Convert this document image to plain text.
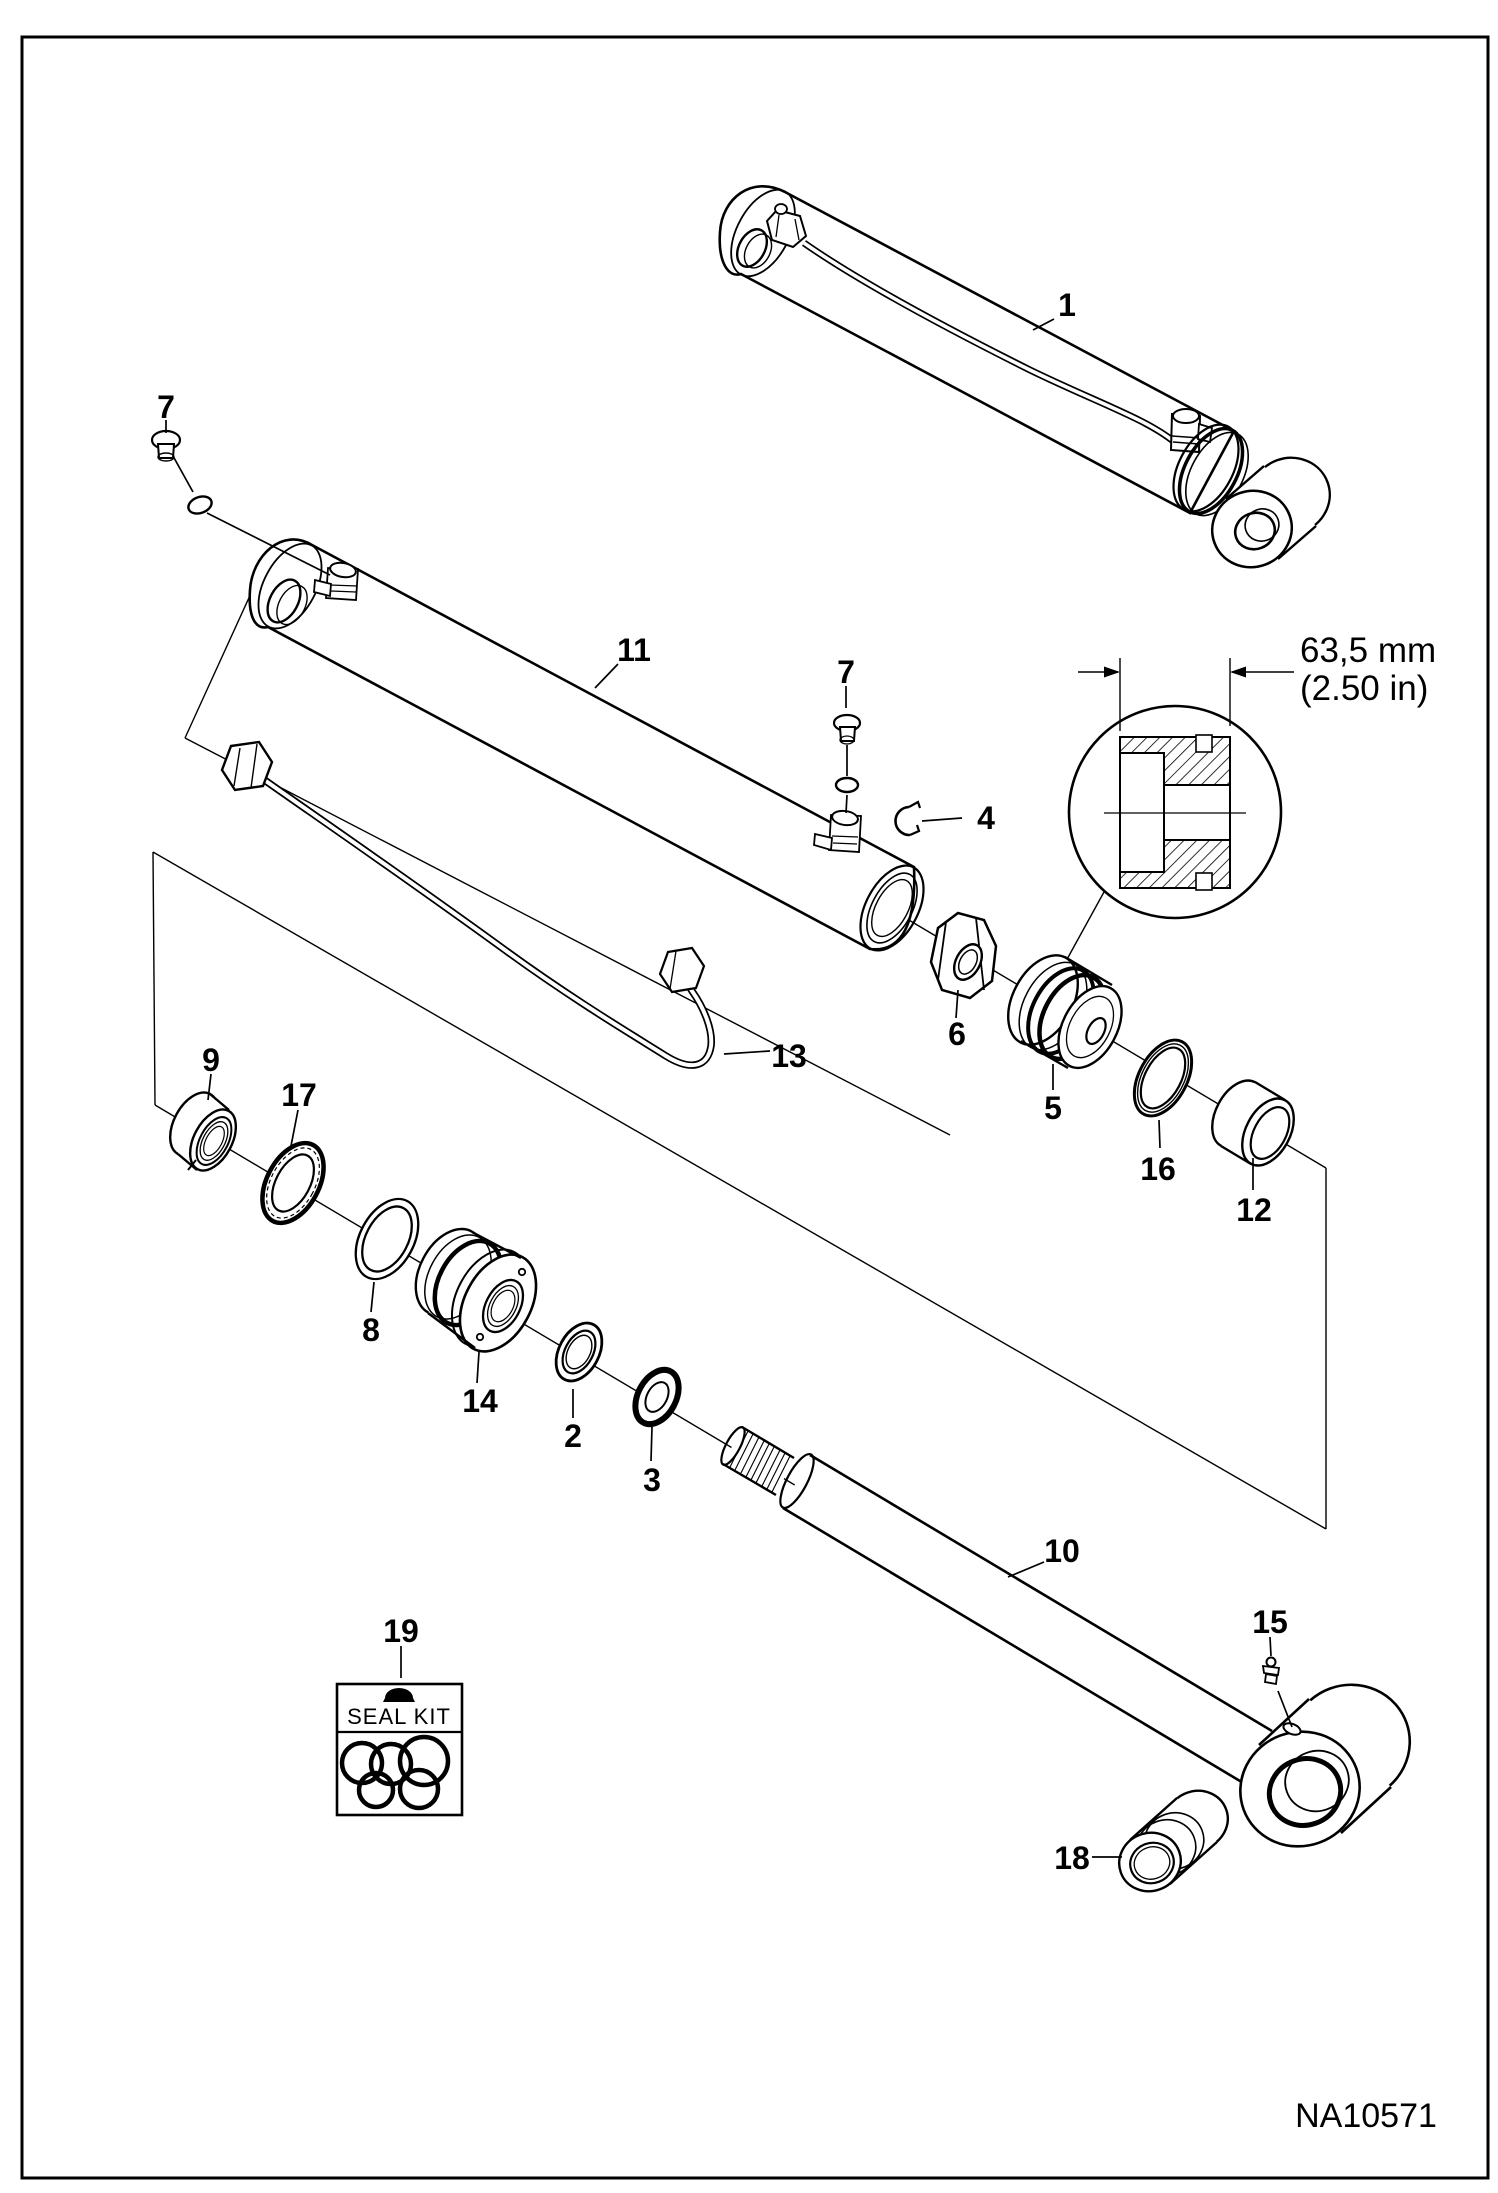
63,5 mm
(2.50 in)
SEAL KIT
1
7
11
7
4
6
5
16
12
13
9
17
8
14
2
3
10
19	15
18
NA10571
